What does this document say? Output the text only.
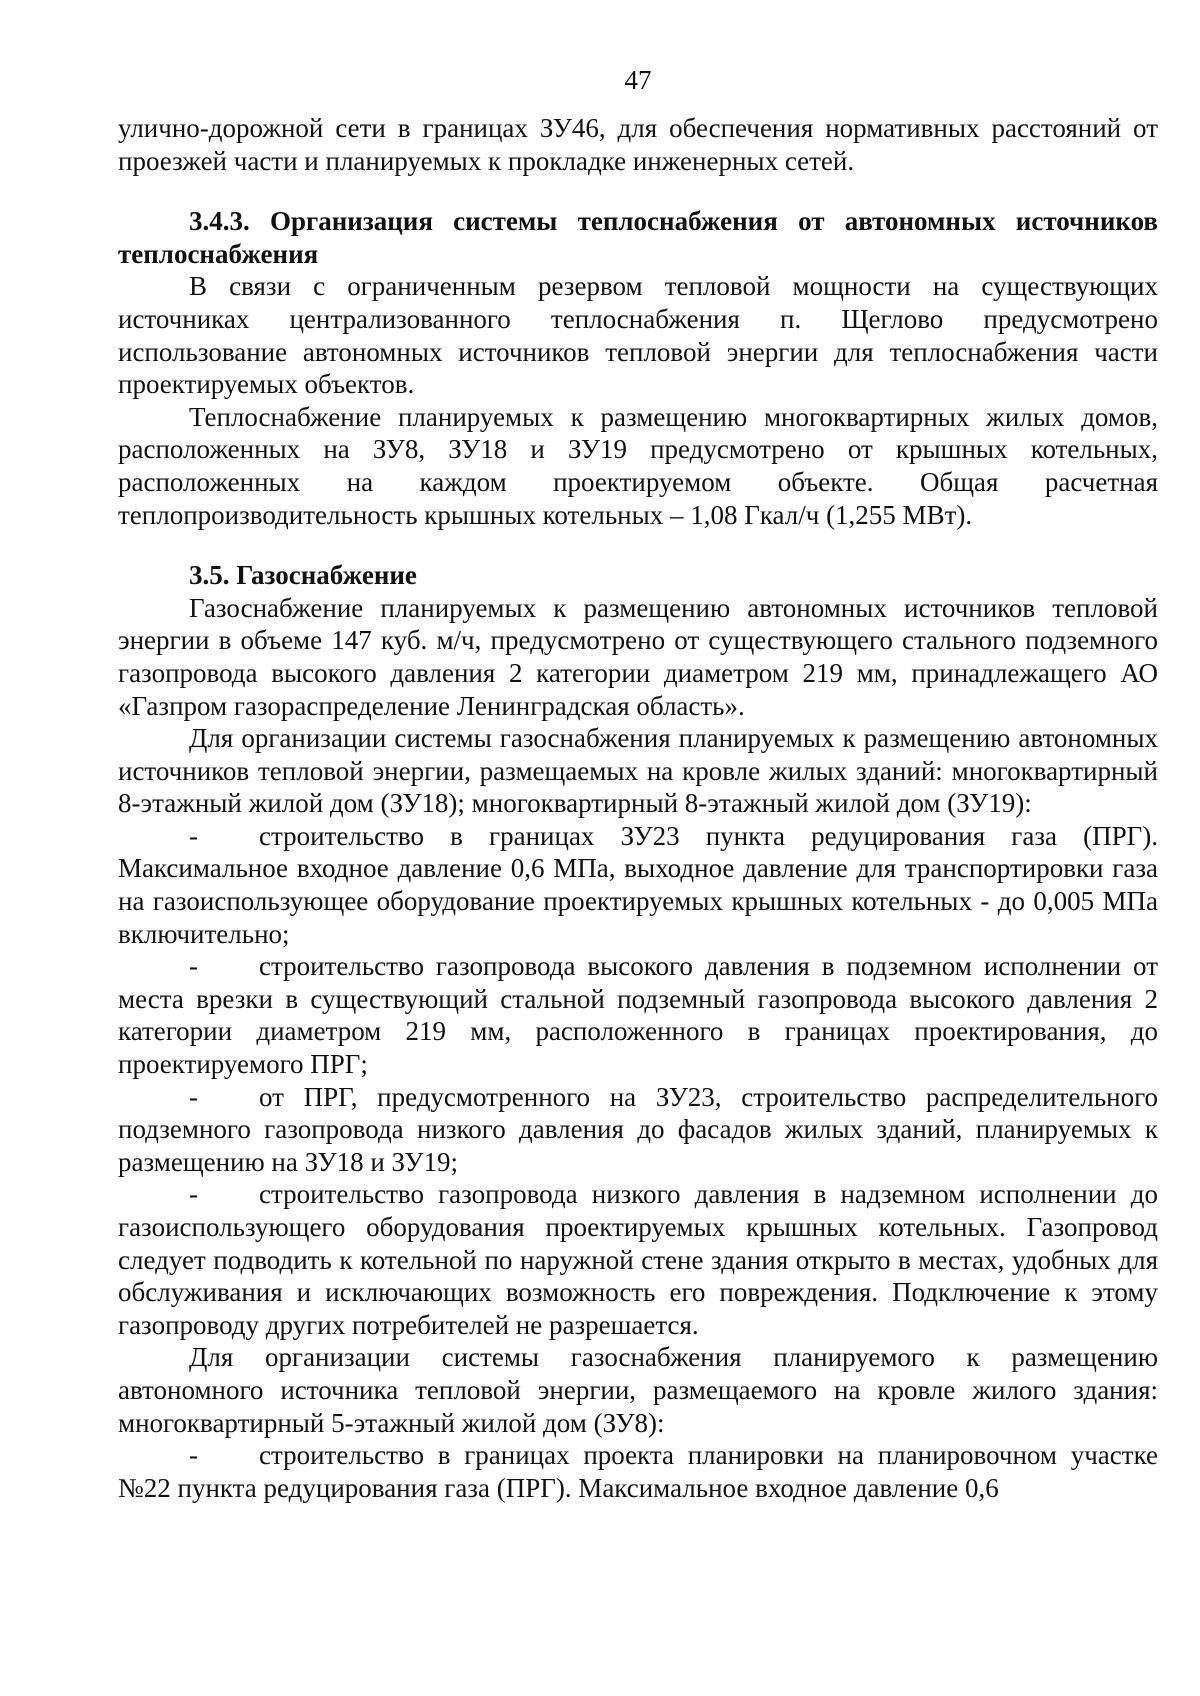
47

улично-дорожной сети в границах ЗУ46, для обеспечения нормативных расстояний от проезжей части и планируемых к прокладке инженерных сетей.

3.4.3. Организация системы теплоснабжения от автономных источников теплоснабжения

В связи с ограниченным резервом тепловой мощности на существующих источниках централизованного теплоснабжения п. Щеглово предусмотрено использование автономных источников тепловой энергии для теплоснабжения части проектируемых объектов.

Теплоснабжение планируемых к размещению многоквартирных жилых домов, расположенных на ЗУ8, ЗУ18 и ЗУ19 предусмотрено от крышных котельных, расположенных на каждом проектируемом объекте. Общая расчетная теплопроизводительность крышных котельных – 1,08 Гкал/ч (1,255 МВт).

3.5. Газоснабжение

Газоснабжение планируемых к размещению автономных источников тепловой энергии в объеме 147 куб. м/ч, предусмотрено от существующего стального подземного газопровода высокого давления 2 категории диаметром 219 мм, принадлежащего АО «Газпром газораспределение Ленинградская область».

Для организации системы газоснабжения планируемых к размещению автономных источников тепловой энергии, размещаемых на кровле жилых зданий: многоквартирный 8-этажный жилой дом (ЗУ18); многоквартирный 8-этажный жилой дом (ЗУ19):

- строительство в границах ЗУ23 пункта редуцирования газа (ПРГ). Максимальное входное давление 0,6 МПа, выходное давление для транспортировки газа на газоиспользующее оборудование проектируемых крышных котельных - до 0,005 МПа включительно;

- строительство газопровода высокого давления в подземном исполнении от места врезки в существующий стальной подземный газопровода высокого давления 2 категории диаметром 219 мм, расположенного в границах проектирования, до проектируемого ПРГ;

- от ПРГ, предусмотренного на ЗУ23, строительство распределительного подземного газопровода низкого давления до фасадов жилых зданий, планируемых к размещению на ЗУ18 и ЗУ19;

- строительство газопровода низкого давления в надземном исполнении до газоиспользующего оборудования проектируемых крышных котельных. Газопровод следует подводить к котельной по наружной стене здания открыто в местах, удобных для обслуживания и исключающих возможность его повреждения. Подключение к этому газопроводу других потребителей не разрешается.

Для организации системы газоснабжения планируемого к размещению автономного источника тепловой энергии, размещаемого на кровле жилого здания: многоквартирный 5-этажный жилой дом (ЗУ8):

- строительство в границах проекта планировки на планировочном участке №22 пункта редуцирования газа (ПРГ). Максимальное входное давление 0,6
